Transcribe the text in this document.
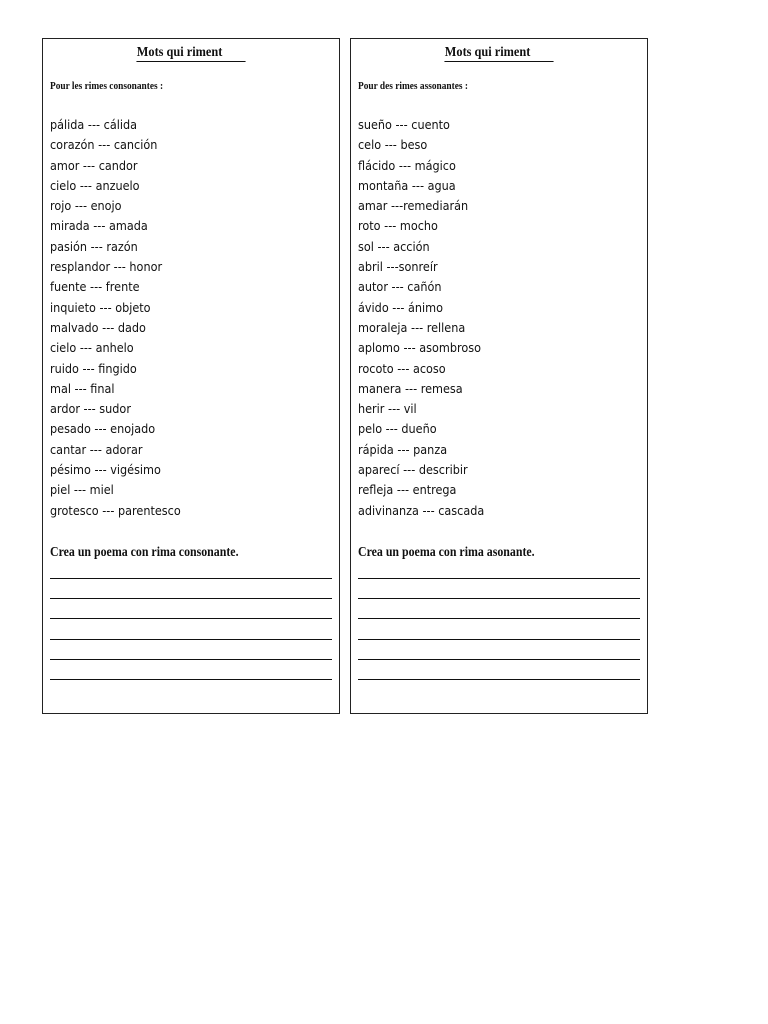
Mots qui riment
Pour les rimes consonantes :
pálida --- cálida
corazón --- canción
amor --- candor
cielo --- anzuelo
rojo --- enojo
mirada --- amada
pasión --- razón
resplandor --- honor
fuente --- frente
inquieto --- objeto
malvado --- dado
cielo --- anhelo
ruido --- fingido
mal --- final
ardor --- sudor
pesado --- enojado
cantar --- adorar
pésimo --- vigésimo
piel --- miel
grotesco --- parentesco
Crea un poema con rima consonante.
Mots qui riment
Pour des rimes assonantes :
sueño --- cuento
celo --- beso
flácido --- mágico
montaña --- agua
amar ---remediarán
roto --- mocho
sol --- acción
abril ---sonreír
autor --- cañón
ávido --- ánimo
moraleja --- rellena
aplomo --- asombroso
rocoto --- acoso
manera --- remesa
herir --- vil
pelo --- dueño
rápida --- panza
aparecí --- describir
refleja --- entrega
adivinanza --- cascada
Crea un poema con rima asonante.
